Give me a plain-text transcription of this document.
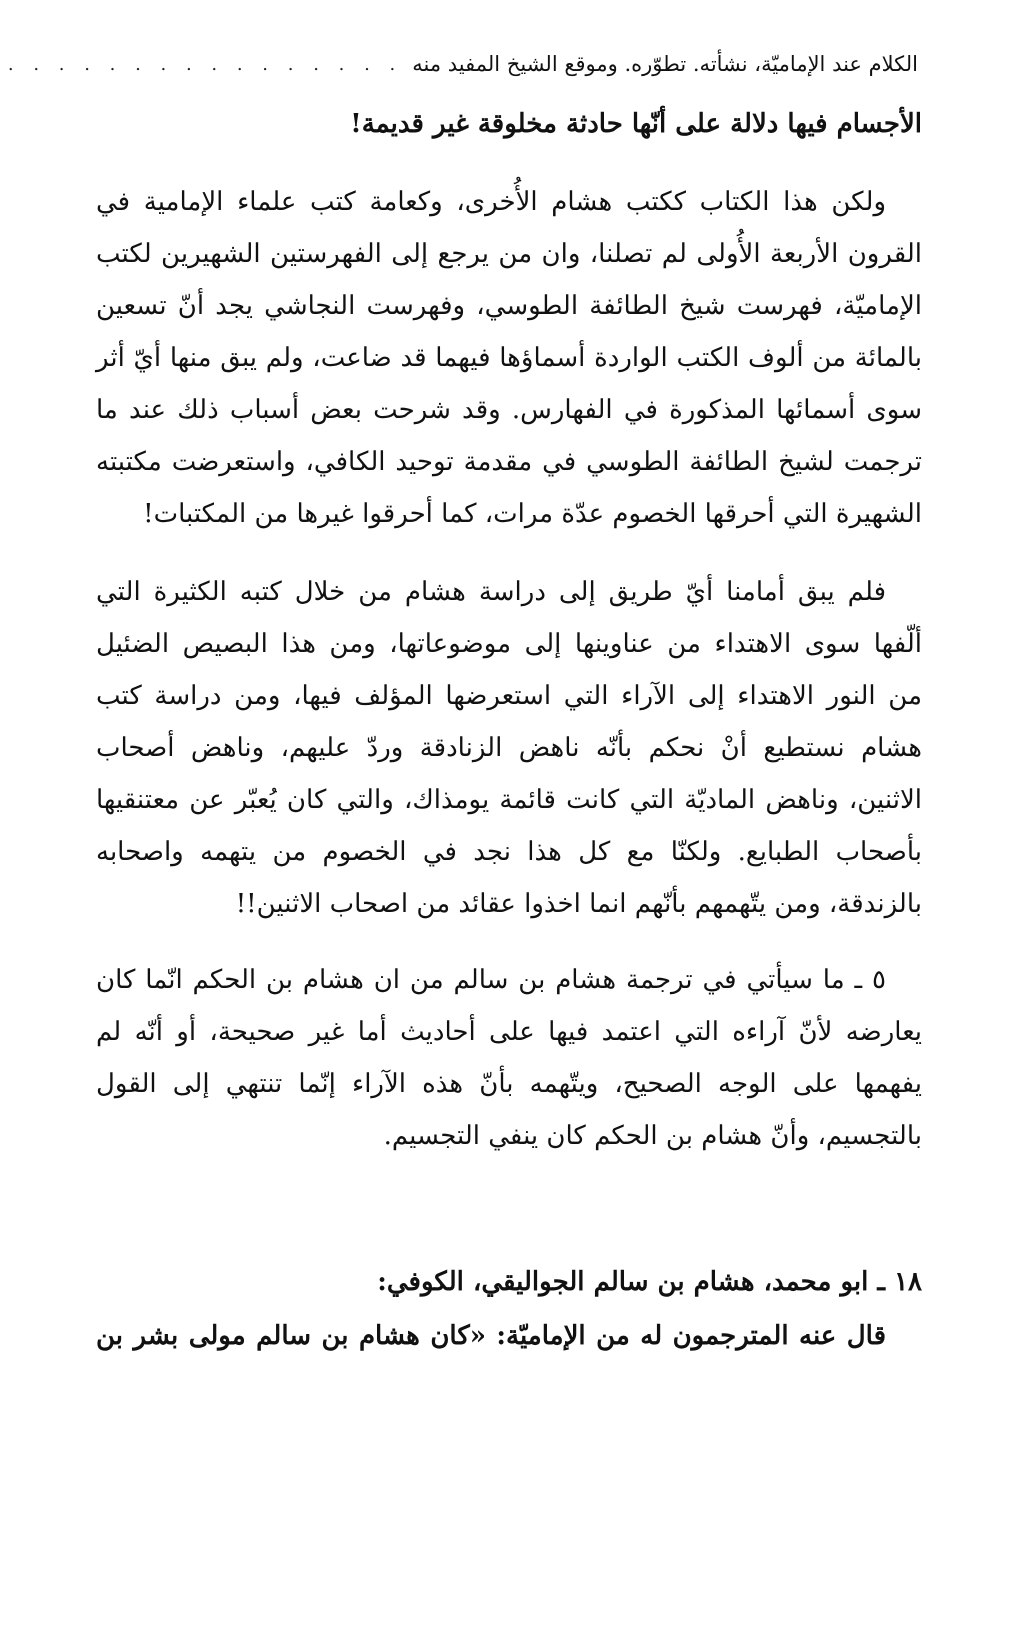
الكلام عند الإماميّة، نشأته. تطوّره. وموقع الشيخ المفيد منه
. . . . . . . . . . . . . . . .
الأجسام فيها دلالة على أنّها حادثة مخلوقة غير قديمة!
ولكن هذا الكتاب ككتب هشام الأُخرى، وكعامة كتب علماء الإمامية في
القرون الأربعة الأُولى لم تصلنا، وان من يرجع إلى الفهرستين الشهيرين لكتب
الإماميّة، فهرست شيخ الطائفة الطوسي، وفهرست النجاشي يجد أنّ تسعين
بالمائة من ألوف الكتب الواردة أسماؤها فيهما قد ضاعت، ولم يبق منها أيّ أثر
سوى أسمائها المذكورة في الفهارس. وقد شرحت بعض أسباب ذلك عند ما
ترجمت لشيخ الطائفة الطوسي في مقدمة توحيد الكافي، واستعرضت مكتبته
الشهيرة التي أحرقها الخصوم عدّة مرات، كما أحرقوا غيرها من المكتبات!
فلم يبق أمامنا أيّ طريق إلى دراسة هشام من خلال كتبه الكثيرة التي
ألّفها سوى الاهتداء من عناوينها إلى موضوعاتها، ومن هذا البصيص الضئيل
من النور الاهتداء إلى الآراء التي استعرضها المؤلف فيها، ومن دراسة كتب
هشام نستطيع أنْ نحكم بأنّه ناهض الزنادقة وردّ عليهم، وناهض أصحاب
الاثنين، وناهض الماديّة التي كانت قائمة يومذاك، والتي كان يُعبّر عن معتنقيها
بأصحاب الطبايع. ولكنّا مع كل هذا نجد في الخصوم من يتهمه واصحابه
بالزندقة، ومن يتّهمهم بأنّهم انما اخذوا عقائد من اصحاب الاثنين!!
٥ ـ ما سيأتي في ترجمة هشام بن سالم من ان هشام بن الحكم انّما كان
يعارضه لأنّ آراءه التي اعتمد فيها على أحاديث أما غير صحيحة، أو أنّه لم
يفهمها على الوجه الصحيح، ويتّهمه بأنّ هذه الآراء إنّما تنتهي إلى القول
بالتجسيم، وأنّ هشام بن الحكم كان ينفي التجسيم.
١٨ ـ ابو محمد، هشام بن سالم الجواليقي، الكوفي:
قال عنه المترجمون له من الإماميّة: «كان هشام بن سالم مولى بشر بن
